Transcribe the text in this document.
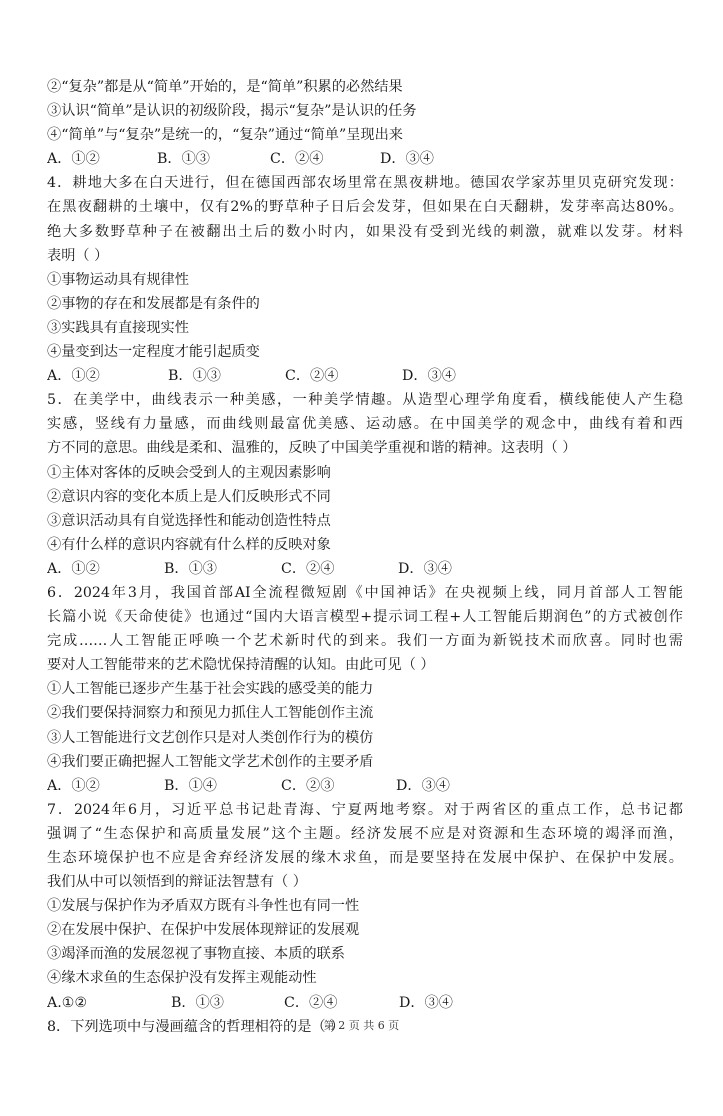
②“复杂”都是从“简单”开始的，是“简单”积累的必然结果
③认识“简单”是认识的初级阶段，揭示“复杂”是认识的任务
④“简单”与“复杂”是统一的，“复杂”通过“简单”呈现出来
A．①②	B．①③	C．②④	D．③④
4．耕地大多在白天进行，但在德国西部农场里常在黑夜耕地。德国农学家苏里贝克研究发现：
在黑夜翻耕的土壤中，仅有2%的野草种子日后会发芽，但如果在白天翻耕，发芽率高达80%。
绝大多数野草种子在被翻出土后的数小时内，如果没有受到光线的刺激，就难以发芽。材料
表明（ ）
①事物运动具有规律性
②事物的存在和发展都是有条件的
③实践具有直接现实性
④量变到达一定程度才能引起质变
A．①②	B．①③	C．②④	D．③④
5．在美学中，曲线表示一种美感，一种美学情趣。从造型心理学角度看，横线能使人产生稳
实感，竖线有力量感，而曲线则最富优美感、运动感。在中国美学的观念中，曲线有着和西
方不同的意思。曲线是柔和、温雅的，反映了中国美学重视和谐的精神。这表明（ ）
①主体对客体的反映会受到人的主观因素影响
②意识内容的变化本质上是人们反映形式不同
③意识活动具有自觉选择性和能动创造性特点
④有什么样的意识内容就有什么样的反映对象
A．①②	B．①③	C．②④	D．③④
6．2024年3月，我国首部AI全流程微短剧《中国神话》在央视频上线，同月首部人工智能
长篇小说《天命使徒》也通过“国内大语言模型+提示词工程+人工智能后期润色”的方式被创作
完成……人工智能正呼唤一个艺术新时代的到来。我们一方面为新锐技术而欣喜。同时也需
要对人工智能带来的艺术隐忧保持清醒的认知。由此可见（ ）
①人工智能已逐步产生基于社会实践的感受美的能力
②我们要保持洞察力和预见力抓住人工智能创作主流
③人工智能进行文艺创作只是对人类创作行为的模仿
④我们要正确把握人工智能文学艺术创作的主要矛盾
A．①②	B．①④	C．②③	D．③④
7．2024年6月，习近平总书记赴青海、宁夏两地考察。对于两省区的重点工作，总书记都
强调了“生态保护和高质量发展”这个主题。经济发展不应是对资源和生态环境的竭泽而渔，
生态环境保护也不应是舍弃经济发展的缘木求鱼，而是要坚持在发展中保护、在保护中发展。
我们从中可以领悟到的辩证法智慧有（ ）
①发展与保护作为矛盾双方既有斗争性也有同一性
②在发展中保护、在保护中发展体现辩证的发展观
③竭泽而渔的发展忽视了事物直接、本质的联系
④缘木求鱼的生态保护没有发挥主观能动性
A.①②	B．①③	C．②④	D．③④
8．下列选项中与漫画蕴含的哲理相符的是（ ）
第 2 页 共 6 页
